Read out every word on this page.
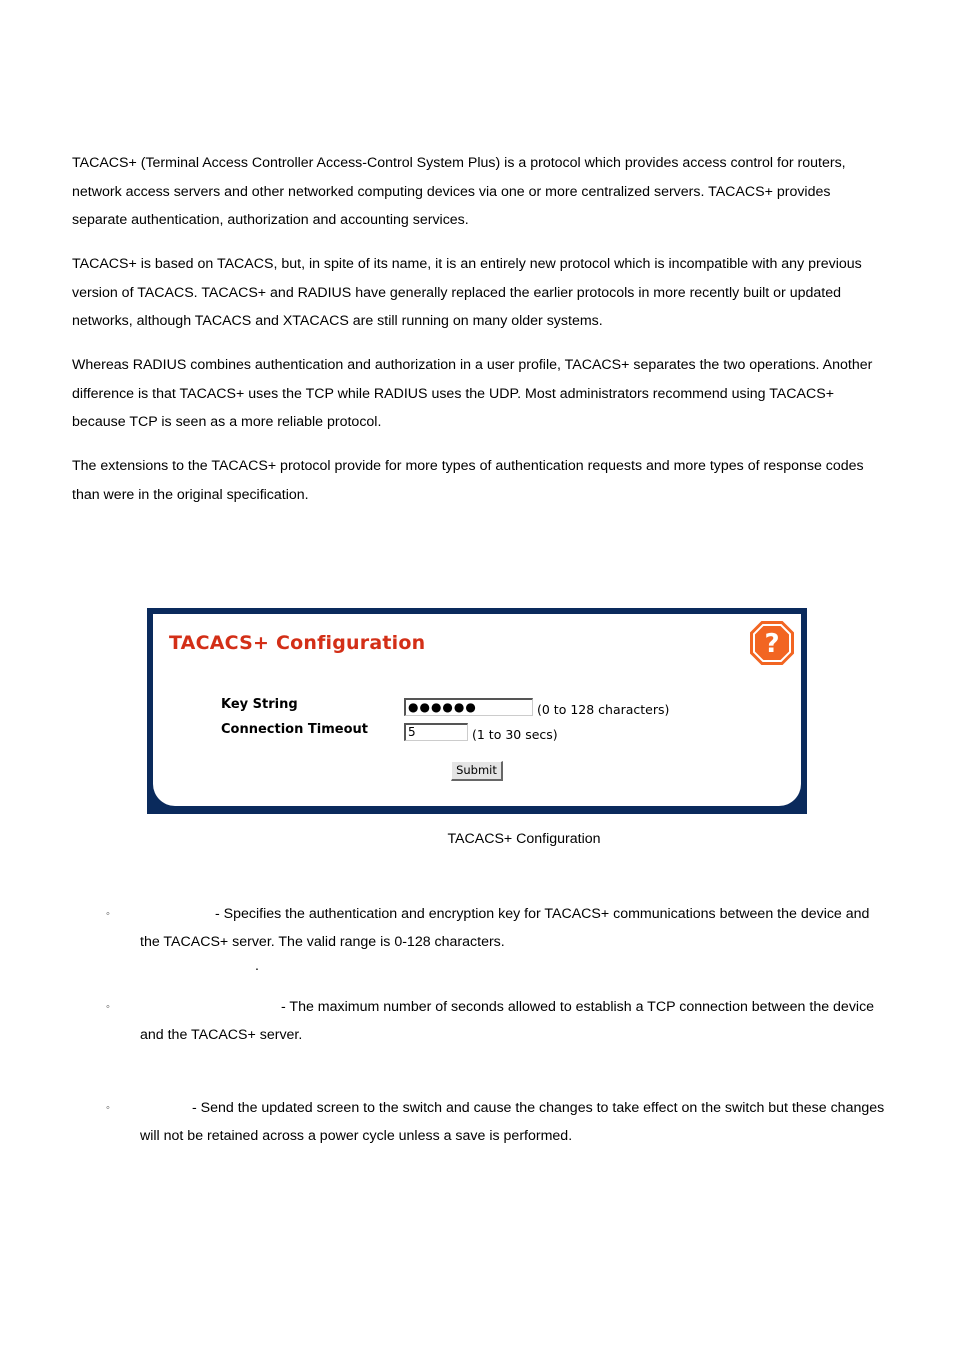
TACACS+ (Terminal Access Controller Access-Control System Plus) is a protocol which provides access control for routers, network access servers and other networked computing devices via one or more centralized servers. TACACS+ provides separate authentication, authorization and accounting services.

TACACS+ is based on TACACS, but, in spite of its name, it is an entirely new protocol which is incompatible with any previous version of TACACS. TACACS+ and RADIUS have generally replaced the earlier protocols in more recently built or updated networks, although TACACS and XTACACS are still running on many older systems.

Whereas RADIUS combines authentication and authorization in a user profile, TACACS+ separates the two operations. Another difference is that TACACS+ uses the TCP while RADIUS uses the UDP. Most administrators recommend using TACACS+ because TCP is seen as a more reliable protocol.

The extensions to the TACACS+ protocol provide for more types of authentication requests and more types of response codes than were in the original specification.

TACACS+ Configuration	?
Key String	●●●●●●	(0 to 128 characters)
Connection Timeout	5	(1 to 30 secs)
Submit
TACACS+ Configuration
◦	- Specifies the authentication and encryption key for TACACS+ communications between the device and the TACACS+ server. The valid range is 0-128 characters.

.
◦	- The maximum number of seconds allowed to establish a TCP connection between the device and the TACACS+ server.

◦	- Send the updated screen to the switch and cause the changes to take effect on the switch but these changes will not be retained across a power cycle unless a save is performed.
